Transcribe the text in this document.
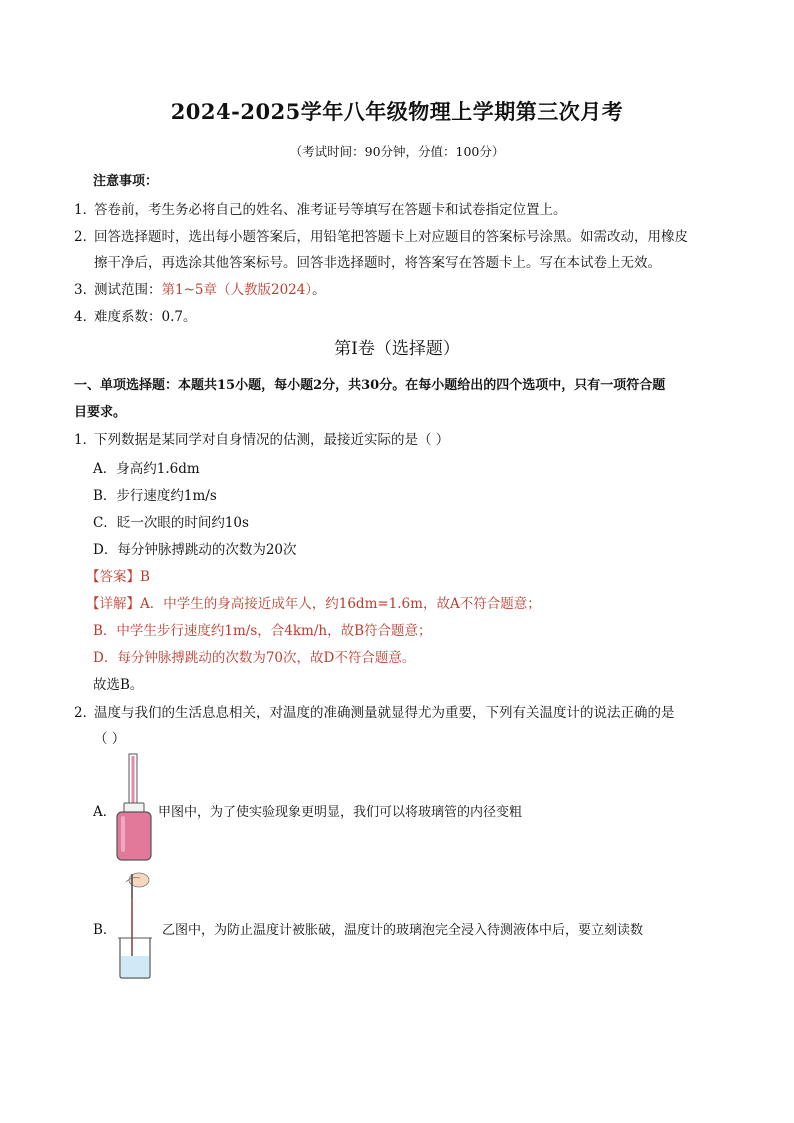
2024-2025学年八年级物理上学期第三次月考
（考试时间：90分钟，分值：100分）
注意事项：
1．答卷前，考生务必将自己的姓名、准考证号等填写在答题卡和试卷指定位置上。
2．回答选择题时，选出每小题答案后，用铅笔把答题卡上对应题目的答案标号涂黑。如需改动，用橡皮
擦干净后，再选涂其他答案标号。回答非选择题时，将答案写在答题卡上。写在本试卷上无效。
3．测试范围：第1~5章（人教版2024）。
4．难度系数：0.7。
第Ⅰ卷（选择题）
一、单项选择题：本题共15小题，每小题2分，共30分。在每小题给出的四个选项中，只有一项符合题
目要求。
1．下列数据是某同学对自身情况的估测，最接近实际的是（ ）
A．身高约1.6dm
B．步行速度约1m/s
C．眨一次眼的时间约10s
D．每分钟脉搏跳动的次数为20次
【答案】B
【详解】A．中学生的身高接近成年人，约16dm=1.6m，故A不符合题意；
B．中学生步行速度约1m/s，合4km/h，故B符合题意；
D．每分钟脉搏跳动的次数为70次，故D不符合题意。
故选B。
2．温度与我们的生活息息相关，对温度的准确测量就显得尤为重要，下列有关温度计的说法正确的是
（ ）
A．	甲图中，为了使实验现象更明显，我们可以将玻璃管的内径变粗
B．	乙图中，为防止温度计被胀破，温度计的玻璃泡完全浸入待测液体中后，要立刻读数
